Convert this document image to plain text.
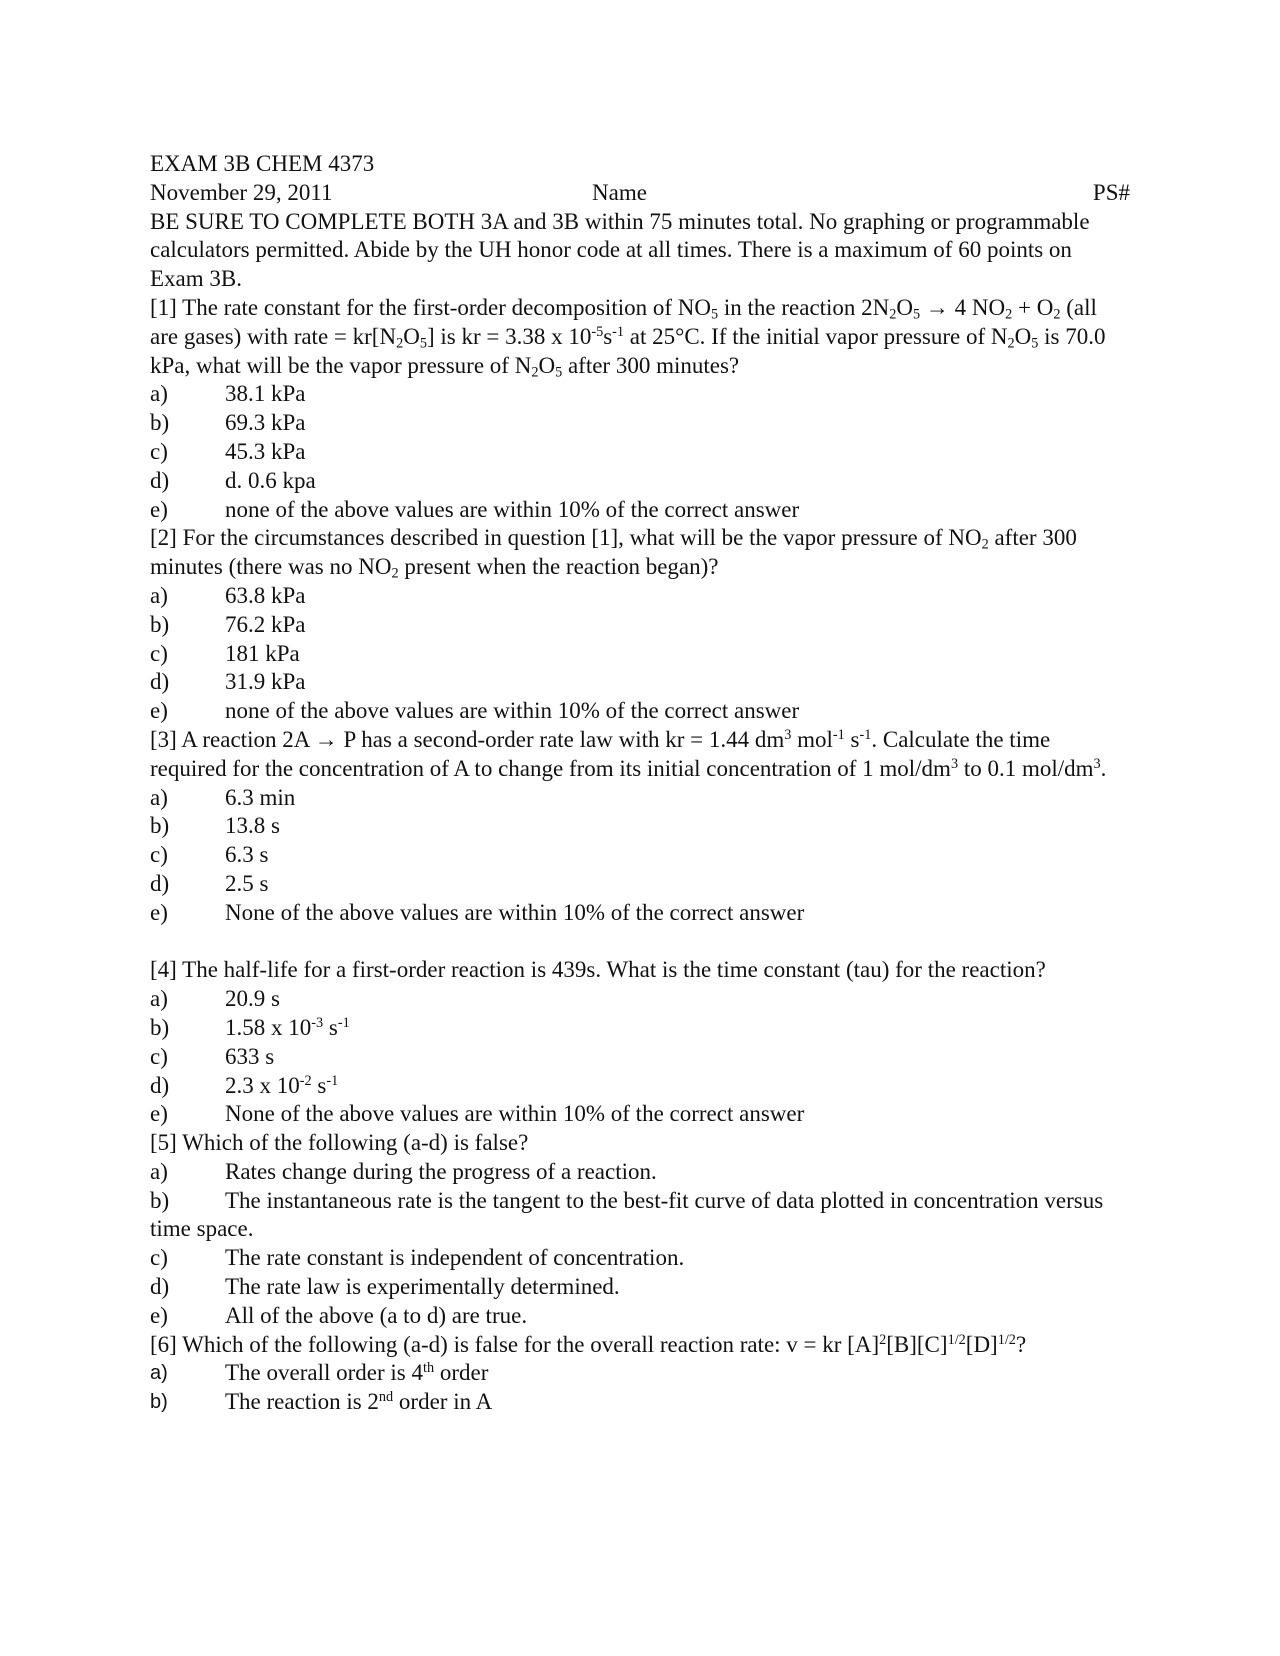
EXAM 3B CHEM 4373
November 29, 2011	Name	PS#
BE SURE TO COMPLETE BOTH 3A and 3B within 75 minutes total. No graphing or programmable calculators permitted. Abide by the UH honor code at all times. There is a maximum of 60 points on Exam 3B.
[1] The rate constant for the first-order decomposition of $NO_5$ in the reaction $2N_2O_5 \to 4$ $NO_2 + O_2$ (all are gases) with rate = $kr[N_2O_5]$ is kr = 3.38 x $10^{-5}s^{-1}$ at 25°C. If the initial vapor pressure of $N_2O_5$ is 70.0 kPa, what will be the vapor pressure of $N_2O_5$ after 300 minutes?
a)	38.1 kPa
b)	69.3 kPa
c)	45.3 kPa
d)	d. 0.6 kpa
e)	none of the above values are within 10% of the correct answer
[2] For the circumstances described in question [1], what will be the vapor pressure of $NO_2$ after 300 minutes (there was no $NO_2$ present when the reaction began)?
a)	63.8 kPa
b)	76.2 kPa
c)	181 kPa
d)	31.9 kPa
e)	none of the above values are within 10% of the correct answer
[3] A reaction 2A → P has a second-order rate law with kr = 1.44 $dm^3$ mol$^{-1}$ $s^{-1}$. Calculate the time required for the concentration of A to change from its initial concentration of 1 mol/$dm^3$ to 0.1 mol/$dm^3$.
a)	6.3 min
b)	13.8 s
c)	6.3 s
d)	2.5 s
e)	None of the above values are within 10% of the correct answer
[4] The half-life for a first-order reaction is 439s. What is the time constant (tau) for the reaction?
a)	20.9 s
b)	1.58 x $10^{-3}$ $s^{-1}$
c)	633 s
d)	2.3 x $10^{-2}$ $s^{-1}$
e)	None of the above values are within 10% of the correct answer
[5] Which of the following (a-d) is false?
a)	Rates change during the progress of a reaction.
b) The instantaneous rate is the tangent to the best-fit curve of data plotted in concentration versus time space.
c)	The rate constant is independent of concentration.
d)	The rate law is experimentally determined.
e)	All of the above (a to d) are true.
[6] Which of the following (a-d) is false for the overall reaction rate: v = kr $[A]^2[B][C]^{1/2}[D]^{1/2}$?
a)	The overall order is 4th order
b)	The reaction is 2nd order in A
